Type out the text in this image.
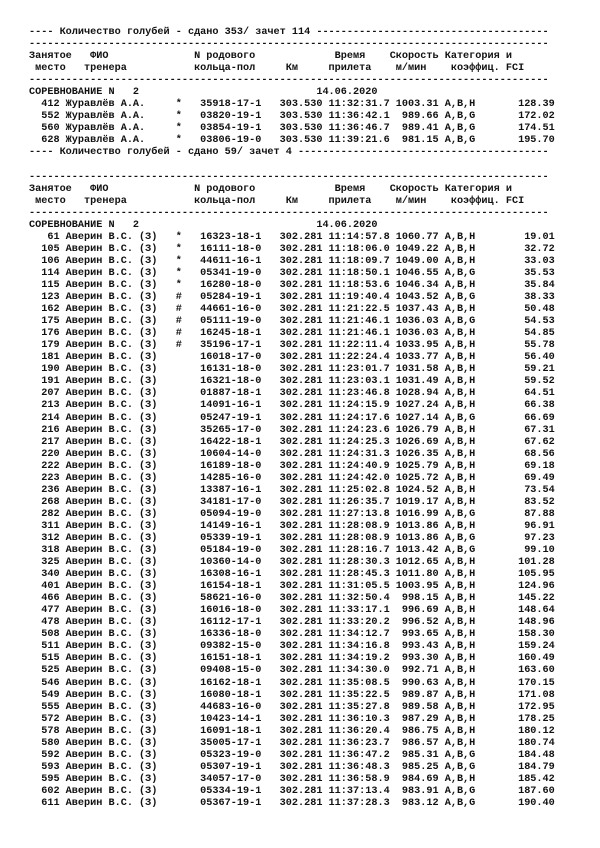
---- Количество голубей - сдано 353/ зачет 114 --------------------------------------
-------------------------------------------------------------------------------------
Занятое   ФИО              N родового             Время    Скорость Категория и
место   тренера           кольца-пол     Км     прилета    м/мин    коэффиц. FCI
-------------------------------------------------------------------------------------
СОРЕВНОВАНИЕ N   2                             14.06.2020
412 Журавлёв А.А.     *   35918-17-1   303.530 11:32:31.7 1003.31 А,В,Н       128.39
552 Журавлёв А.А.     *   03820-19-1   303.530 11:36:42.1  989.66 А,В,G       172.02
560 Журавлёв А.А.     *   03854-19-1   303.530 11:36:46.7  989.41 А,В,G       174.51
628 Журавлёв А.А.     *   03806-19-0   303.530 11:39:21.6  981.15 А,В,G       195.70
---- Количество голубей - сдано 59/ зачет 4 -----------------------------------------
-------------------------------------------------------------------------------------
Занятое   ФИО              N родового             Время    Скорость Категория и
место   тренера           кольца-пол     Км     прилета    м/мин    коэффиц. FCI
-------------------------------------------------------------------------------------
СОРЕВНОВАНИЕ N   2                             14.06.2020
61 Аверин В.С. (З)   *   16323-18-1   302.281 11:14:57.8 1060.77 А,В,Н        19.01
105 Аверин В.С. (З)   *   16111-18-0   302.281 11:18:06.0 1049.22 А,В,Н        32.72
106 Аверин В.С. (З)   *   44611-16-1   302.281 11:18:09.7 1049.00 А,В,Н        33.03
114 Аверин В.С. (З)   *   05341-19-0   302.281 11:18:50.1 1046.55 А,В,G        35.53
115 Аверин В.С. (З)   *   16280-18-0   302.281 11:18:53.6 1046.34 А,В,Н        35.84
123 Аверин В.С. (З)   #   05284-19-1   302.281 11:19:40.4 1043.52 А,В,G        38.33
162 Аверин В.С. (З)   #   44661-16-0   302.281 11:21:22.5 1037.43 А,В,Н        50.48
175 Аверин В.С. (З)   #   05111-19-0   302.281 11:21:46.1 1036.03 А,В,G        54.53
176 Аверин В.С. (З)   #   16245-18-1   302.281 11:21:46.1 1036.03 А,В,Н        54.85
179 Аверин В.С. (З)   #   35196-17-1   302.281 11:22:11.4 1033.95 А,В,Н        55.78
181 Аверин В.С. (З)       16018-17-0   302.281 11:22:24.4 1033.77 А,В,Н        56.40
190 Аверин В.С. (З)       16131-18-0   302.281 11:23:01.7 1031.58 А,В,Н        59.21
191 Аверин В.С. (З)       16321-18-0   302.281 11:23:03.1 1031.49 А,В,Н        59.52
207 Аверин В.С. (З)       01887-18-1   302.281 11:23:46.8 1028.94 А,В,Н        64.51
213 Аверин В.С. (З)       14091-16-1   302.281 11:24:15.9 1027.24 А,В,Н        66.38
214 Аверин В.С. (З)       05247-19-1   302.281 11:24:17.6 1027.14 А,В,G        66.69
216 Аверин В.С. (З)       35265-17-0   302.281 11:24:23.6 1026.79 А,В,Н        67.31
217 Аверин В.С. (З)       16422-18-1   302.281 11:24:25.3 1026.69 А,В,Н        67.62
220 Аверин В.С. (З)       10604-14-0   302.281 11:24:31.3 1026.35 А,В,Н        68.56
222 Аверин В.С. (З)       16189-18-0   302.281 11:24:40.9 1025.79 А,В,Н        69.18
223 Аверин В.С. (З)       14285-16-0   302.281 11:24:42.0 1025.72 А,В,Н        69.49
236 Аверин В.С. (З)       13387-16-1   302.281 11:25:02.8 1024.52 А,В,Н        73.54
268 Аверин В.С. (З)       34181-17-0   302.281 11:26:35.7 1019.17 А,В,Н        83.52
282 Аверин В.С. (З)       05094-19-0   302.281 11:27:13.8 1016.99 А,В,G        87.88
311 Аверин В.С. (З)       14149-16-1   302.281 11:28:08.9 1013.86 А,В,Н        96.91
312 Аверин В.С. (З)       05339-19-1   302.281 11:28:08.9 1013.86 А,В,G        97.23
318 Аверин В.С. (З)       05184-19-0   302.281 11:28:16.7 1013.42 А,В,G        99.10
325 Аверин В.С. (З)       10360-14-0   302.281 11:28:30.3 1012.65 А,В,Н       101.28
340 Аверин В.С. (З)       16308-16-1   302.281 11:28:45.3 1011.80 А,В,Н       105.95
401 Аверин В.С. (З)       16154-18-1   302.281 11:31:05.5 1003.95 А,В,Н       124.96
466 Аверин В.С. (З)       58621-16-0   302.281 11:32:50.4  998.15 А,В,Н       145.22
477 Аверин В.С. (З)       16016-18-0   302.281 11:33:17.1  996.69 А,В,Н       148.64
478 Аверин В.С. (З)       16112-17-1   302.281 11:33:20.2  996.52 А,В,Н       148.96
508 Аверин В.С. (З)       16336-18-0   302.281 11:34:12.7  993.65 А,В,Н       158.30
511 Аверин В.С. (З)       09382-15-0   302.281 11:34:16.8  993.43 А,В,Н       159.24
515 Аверин В.С. (З)       16151-18-1   302.281 11:34:19.2  993.30 А,В,Н       160.49
525 Аверин В.С. (З)       09408-15-0   302.281 11:34:30.0  992.71 А,В,Н       163.60
546 Аверин В.С. (З)       16162-18-1   302.281 11:35:08.5  990.63 А,В,Н       170.15
549 Аверин В.С. (З)       16080-18-1   302.281 11:35:22.5  989.87 А,В,Н       171.08
555 Аверин В.С. (З)       44683-16-0   302.281 11:35:27.8  989.58 А,В,Н       172.95
572 Аверин В.С. (З)       10423-14-1   302.281 11:36:10.3  987.29 А,В,Н       178.25
578 Аверин В.С. (З)       16091-18-1   302.281 11:36:20.4  986.75 А,В,Н       180.12
580 Аверин В.С. (З)       35005-17-1   302.281 11:36:23.7  986.57 А,В,Н       180.74
592 Аверин В.С. (З)       05323-19-0   302.281 11:36:47.2  985.31 А,В,G       184.48
593 Аверин В.С. (З)       05307-19-1   302.281 11:36:48.3  985.25 А,В,G       184.79
595 Аверин В.С. (З)       34057-17-0   302.281 11:36:58.9  984.69 А,В,Н       185.42
602 Аверин В.С. (З)       05334-19-1   302.281 11:37:13.4  983.91 А,В,G       187.60
611 Аверин В.С. (З)       05367-19-1   302.281 11:37:28.3  983.12 А,В,G       190.40
